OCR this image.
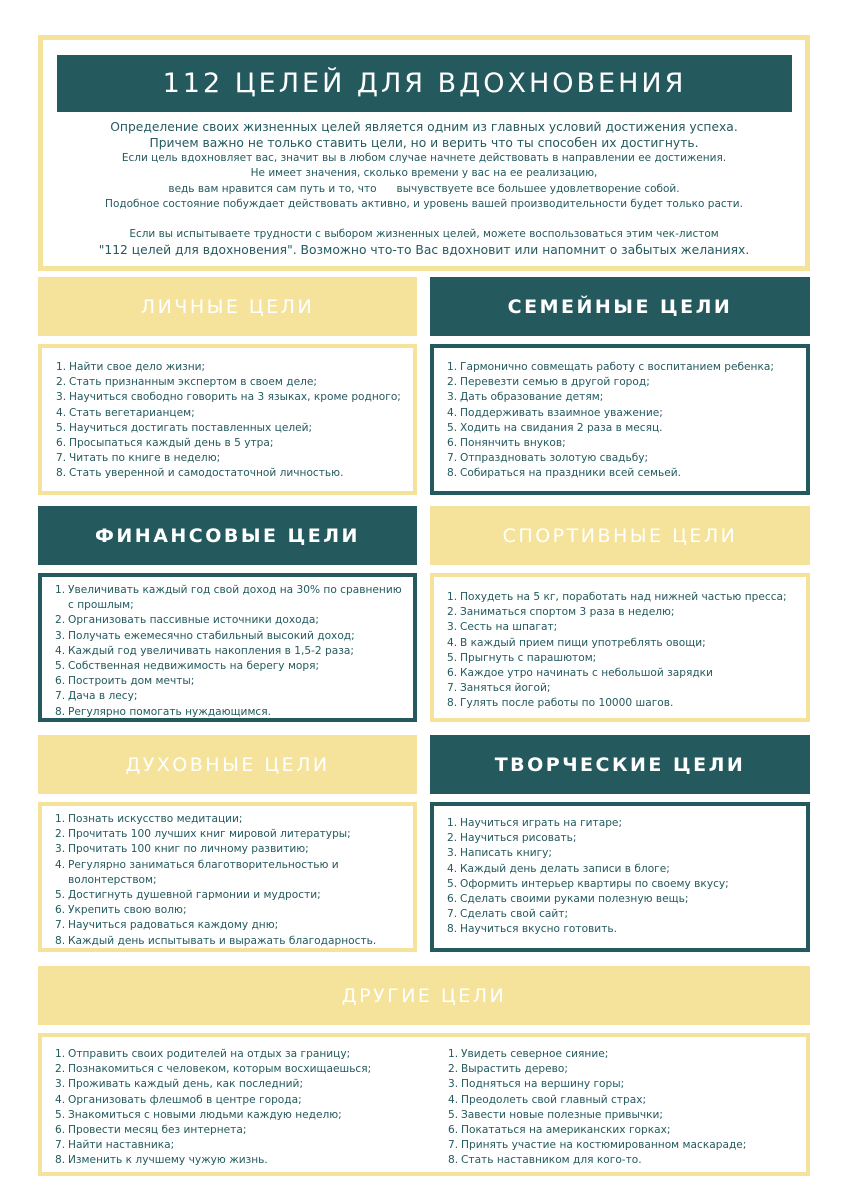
112 ЦЕЛЕЙ ДЛЯ ВДОХНОВЕНИЯ
Определение своих жизненных целей является одним из главных условий достижения успеха.
Причем важно не только ставить цели, но и верить что ты способен их достигнуть.
Если цель вдохновляет вас, значит вы в любом случае начнете действовать в направлении ее достижения.
Не имеет значения, сколько времени у вас на ее реализацию,
ведь вам нравится сам путь и то, что      вычувствуете все большее удовлетворение собой.
Подобное состояние побуждает действовать активно, и уровень вашей производительности будет только расти.
Если вы испытываете трудности с выбором жизненных целей, можете воспользоваться этим чек-листом
"112 целей для вдохновения". Возможно что-то Вас вдохновит или напомнит о забытых желаниях.
ЛИЧНЫЕ ЦЕЛИ	СЕМЕЙНЫЕ ЦЕЛИ
Найти свое дело жизни;
Стать признанным экспертом в своем деле;
Научиться свободно говорить на 3 языках, кроме родного;
Стать вегетарианцем;
Научиться достигать поставленных целей;
Просыпаться каждый день в 5 утра;
Читать по книге в неделю;
Стать уверенной и самодостаточной личностью.
Гармонично совмещать работу с воспитанием ребенка;
Перевезти семью в другой город;
Дать образование детям;
Поддерживать взаимное уважение;
Ходить на свидания 2 раза в месяц.
Понянчить внуков;
Отпраздновать золотую свадьбу;
Собираться на праздники всей семьей.
ФИНАНСОВЫЕ ЦЕЛИ	СПОРТИВНЫЕ ЦЕЛИ
Увеличивать каждый год свой доход на 30% по сравнению с прошлым;
Организовать пассивные источники дохода;
Получать ежемесячно стабильный высокий доход;
Каждый год увеличивать накопления в 1,5-2 раза;
Собственная недвижимость на берегу моря;
Построить дом мечты;
Дача в лесу;
Регулярно помогать нуждающимся.
Похудеть на 5 кг, поработать над нижней частью пресса;
Заниматься спортом 3 раза в неделю;
Сесть на шпагат;
В каждый прием пищи употреблять овощи;
Прыгнуть с парашютом;
Каждое утро начинать с небольшой зарядки
Заняться йогой;
Гулять после работы по 10000 шагов.
ДУХОВНЫЕ ЦЕЛИ	ТВОРЧЕСКИЕ ЦЕЛИ
Познать искусство медитации;
Прочитать 100 лучших книг мировой литературы;
Прочитать 100 книг по личному развитию;
Регулярно заниматься благотворительностью и волонтерством;
Достигнуть душевной гармонии и мудрости;
Укрепить свою волю;
Научиться радоваться каждому дню;
Каждый день испытывать и выражать благодарность.
Научиться играть на гитаре;
Научиться рисовать;
Написать книгу;
Каждый день делать записи в блоге;
Оформить интерьер квартиры по своему вкусу;
Сделать своими руками полезную вещь;
Сделать свой сайт;
Научиться вкусно готовить.
ДРУГИЕ ЦЕЛИ
Отправить своих родителей на отдых за границу;
Познакомиться с человеком, которым восхищаешься;
Проживать каждый день, как последний;
Организовать флешмоб в центре города;
Знакомиться с новыми людьми каждую неделю;
Провести месяц без интернета;
Найти наставника;
Изменить к лучшему чужую жизнь.
Увидеть северное сияние;
Вырастить дерево;
Подняться на вершину горы;
Преодолеть свой главный страх;
Завести новые полезные привычки;
Покататься на американских горках;
Принять участие на костюмированном маскараде;
Стать наставником для кого-то.
